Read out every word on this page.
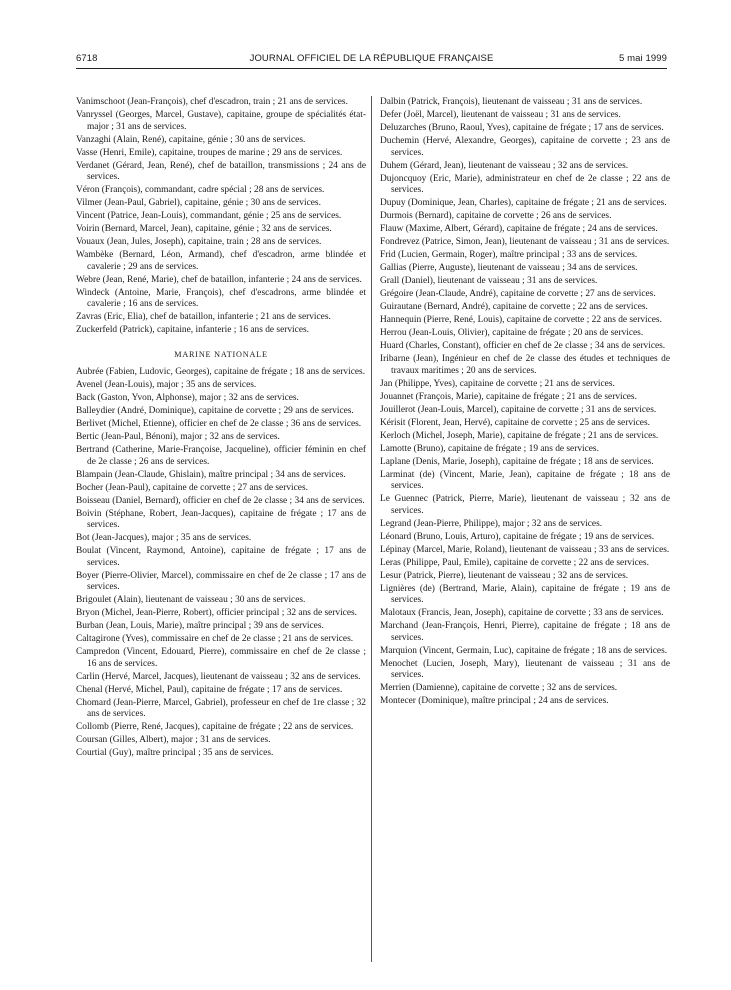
6718	JOURNAL OFFICIEL DE LA RÉPUBLIQUE FRANÇAISE	5 mai 1999
Vanimschoot (Jean-François), chef d'escadron, train ; 21 ans de services.
Vanryssel (Georges, Marcel, Gustave), capitaine, groupe de spécialités état-major ; 31 ans de services.
Vanzaghi (Alain, René), capitaine, génie ; 30 ans de services.
Vasse (Henri, Emile), capitaine, troupes de marine ; 29 ans de services.
Verdanet (Gérard, Jean, René), chef de bataillon, transmissions ; 24 ans de services.
Véron (François), commandant, cadre spécial ; 28 ans de services.
Vilmer (Jean-Paul, Gabriel), capitaine, génie ; 30 ans de services.
Vincent (Patrice, Jean-Louis), commandant, génie ; 25 ans de services.
Voirin (Bernard, Marcel, Jean), capitaine, génie ; 32 ans de services.
Vouaux (Jean, Jules, Joseph), capitaine, train ; 28 ans de services.
Wambèke (Bernard, Léon, Armand), chef d'escadron, arme blindée et cavalerie ; 29 ans de services.
Webre (Jean, René, Marie), chef de bataillon, infanterie ; 24 ans de services.
Windeck (Antoine, Marie, François), chef d'escadrons, arme blindée et cavalerie ; 16 ans de services.
Zavras (Eric, Elia), chef de bataillon, infanterie ; 21 ans de services.
Zuckerfeld (Patrick), capitaine, infanterie ; 16 ans de services.
MARINE NATIONALE
Aubrée (Fabien, Ludovic, Georges), capitaine de frégate ; 18 ans de services.
Avenel (Jean-Louis), major ; 35 ans de services.
Back (Gaston, Yvon, Alphonse), major ; 32 ans de services.
Balleydier (André, Dominique), capitaine de corvette ; 29 ans de services.
Berlivet (Michel, Etienne), officier en chef de 2e classe ; 36 ans de services.
Bertic (Jean-Paul, Bénoni), major ; 32 ans de services.
Bertrand (Catherine, Marie-Françoise, Jacqueline), officier féminin en chef de 2e classe ; 26 ans de services.
Blampain (Jean-Claude, Ghislain), maître principal ; 34 ans de services.
Bocher (Jean-Paul), capitaine de corvette ; 27 ans de services.
Boisseau (Daniel, Bernard), officier en chef de 2e classe ; 34 ans de services.
Boivin (Stéphane, Robert, Jean-Jacques), capitaine de frégate ; 17 ans de services.
Bot (Jean-Jacques), major ; 35 ans de services.
Boulat (Vincent, Raymond, Antoine), capitaine de frégate ; 17 ans de services.
Boyer (Pierre-Olivier, Marcel), commissaire en chef de 2e classe ; 17 ans de services.
Brigoulet (Alain), lieutenant de vaisseau ; 30 ans de services.
Bryon (Michel, Jean-Pierre, Robert), officier principal ; 32 ans de services.
Burban (Jean, Louis, Marie), maître principal ; 39 ans de services.
Caltagirone (Yves), commissaire en chef de 2e classe ; 21 ans de services.
Campredon (Vincent, Edouard, Pierre), commissaire en chef de 2e classe ; 16 ans de services.
Carlin (Hervé, Marcel, Jacques), lieutenant de vaisseau ; 32 ans de services.
Chenal (Hervé, Michel, Paul), capitaine de frégate ; 17 ans de services.
Chomard (Jean-Pierre, Marcel, Gabriel), professeur en chef de 1re classe ; 32 ans de services.
Collomb (Pierre, René, Jacques), capitaine de frégate ; 22 ans de services.
Coursan (Gilles, Albert), major ; 31 ans de services.
Courtial (Guy), maître principal ; 35 ans de services.
Dalbin (Patrick, François), lieutenant de vaisseau ; 31 ans de services.
Defer (Joël, Marcel), lieutenant de vaisseau ; 31 ans de services.
Deluzarches (Bruno, Raoul, Yves), capitaine de frégate ; 17 ans de services.
Duchemin (Hervé, Alexandre, Georges), capitaine de corvette ; 23 ans de services.
Duhem (Gérard, Jean), lieutenant de vaisseau ; 32 ans de services.
Dujoncquoy (Eric, Marie), administrateur en chef de 2e classe ; 22 ans de services.
Dupuy (Dominique, Jean, Charles), capitaine de frégate ; 21 ans de services.
Durmois (Bernard), capitaine de corvette ; 26 ans de services.
Flauw (Maxime, Albert, Gérard), capitaine de frégate ; 24 ans de services.
Fondrevez (Patrice, Simon, Jean), lieutenant de vaisseau ; 31 ans de services.
Frid (Lucien, Germain, Roger), maître principal ; 33 ans de services.
Gallias (Pierre, Auguste), lieutenant de vaisseau ; 34 ans de services.
Grall (Daniel), lieutenant de vaisseau ; 31 ans de services.
Grégoire (Jean-Claude, André), capitaine de corvette ; 27 ans de services.
Guirautane (Bernard, André), capitaine de corvette ; 22 ans de services.
Hannequin (Pierre, René, Louis), capitaine de corvette ; 22 ans de services.
Herrou (Jean-Louis, Olivier), capitaine de frégate ; 20 ans de services.
Huard (Charles, Constant), officier en chef de 2e classe ; 34 ans de services.
Iribarne (Jean), Ingénieur en chef de 2e classe des études et techniques de travaux maritimes ; 20 ans de services.
Jan (Philippe, Yves), capitaine de corvette ; 21 ans de services.
Jouannet (François, Marie), capitaine de frégate ; 21 ans de services.
Jouillerot (Jean-Louis, Marcel), capitaine de corvette ; 31 ans de services.
Kérisit (Florent, Jean, Hervé), capitaine de corvette ; 25 ans de services.
Kerloch (Michel, Joseph, Marie), capitaine de frégate ; 21 ans de services.
Lamotte (Bruno), capitaine de frégate ; 19 ans de services.
Laplane (Denis, Marie, Joseph), capitaine de frégate ; 18 ans de services.
Larminat (de) (Vincent, Marie, Jean), capitaine de frégate ; 18 ans de services.
Le Guennec (Patrick, Pierre, Marie), lieutenant de vaisseau ; 32 ans de services.
Legrand (Jean-Pierre, Philippe), major ; 32 ans de services.
Léonard (Bruno, Louis, Arturo), capitaine de frégate ; 19 ans de services.
Lépinay (Marcel, Marie, Roland), lieutenant de vaisseau ; 33 ans de services.
Leras (Philippe, Paul, Emile), capitaine de corvette ; 22 ans de services.
Lesur (Patrick, Pierre), lieutenant de vaisseau ; 32 ans de services.
Lignières (de) (Bertrand, Marie, Alain), capitaine de frégate ; 19 ans de services.
Malotaux (Francis, Jean, Joseph), capitaine de corvette ; 33 ans de services.
Marchand (Jean-François, Henri, Pierre), capitaine de frégate ; 18 ans de services.
Marquion (Vincent, Germain, Luc), capitaine de frégate ; 18 ans de services.
Menochet (Lucien, Joseph, Mary), lieutenant de vaisseau ; 31 ans de services.
Merrien (Damienne), capitaine de corvette ; 32 ans de services.
Montecer (Dominique), maître principal ; 24 ans de services.
